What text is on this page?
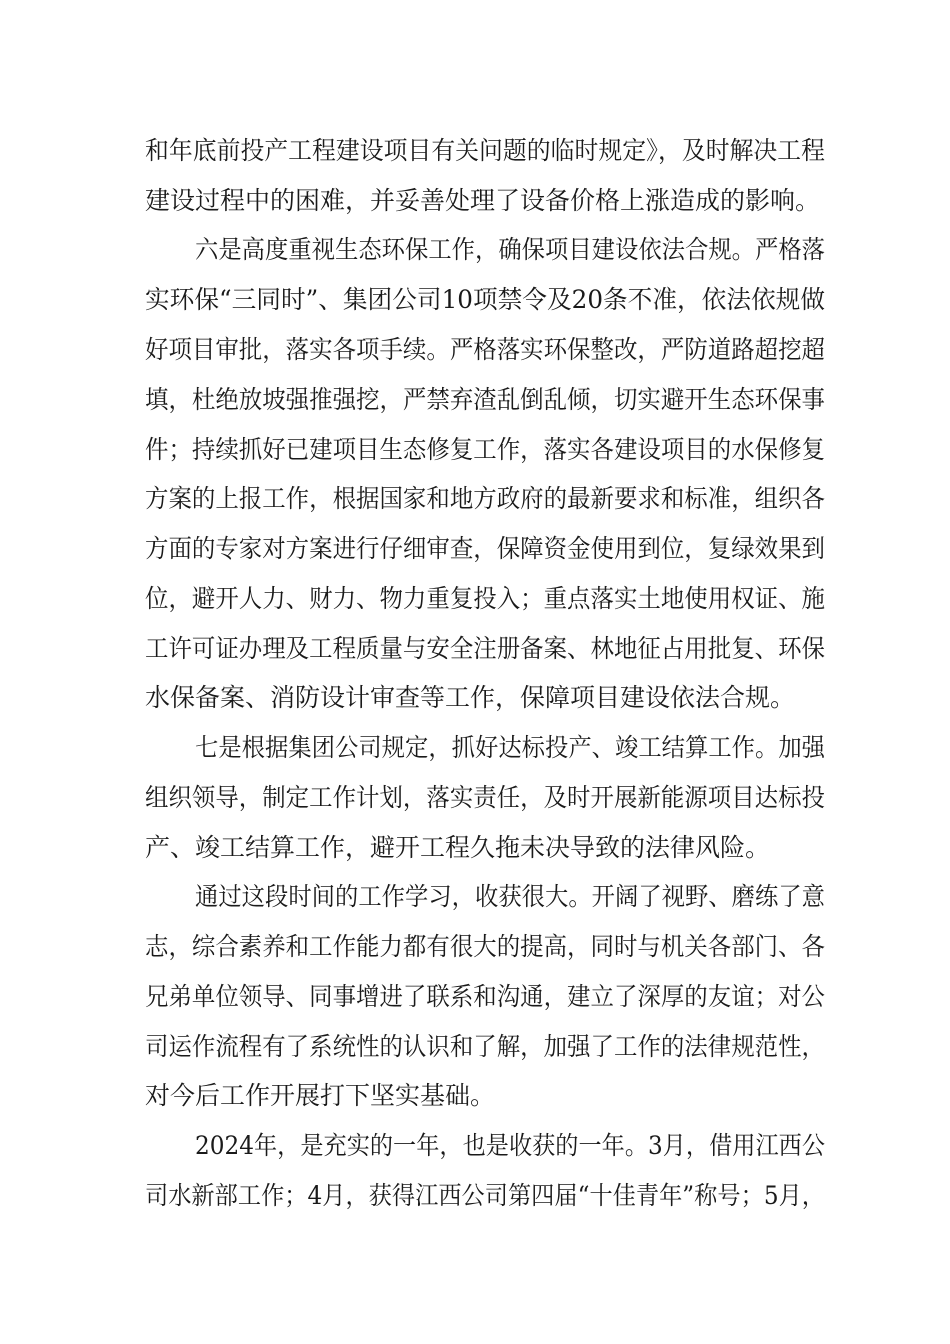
和年底前投产工程建设项目有关问题的临时规定》，及时解决工程
建设过程中的困难，并妥善处理了设备价格上涨造成的影响。
六是高度重视生态环保工作，确保项目建设依法合规。严格落
实环保“三同时”、集团公司10项禁令及20条不准，依法依规做
好项目审批，落实各项手续。严格落实环保整改，严防道路超挖超
填，杜绝放坡强推强挖，严禁弃渣乱倒乱倾，切实避开生态环保事
件；持续抓好已建项目生态修复工作，落实各建设项目的水保修复
方案的上报工作，根据国家和地方政府的最新要求和标准，组织各
方面的专家对方案进行仔细审查，保障资金使用到位，复绿效果到
位，避开人力、财力、物力重复投入；重点落实土地使用权证、施
工许可证办理及工程质量与安全注册备案、林地征占用批复、环保
水保备案、消防设计审查等工作，保障项目建设依法合规。
七是根据集团公司规定，抓好达标投产、竣工结算工作。加强
组织领导，制定工作计划，落实责任，及时开展新能源项目达标投
产、竣工结算工作，避开工程久拖未决导致的法律风险。
通过这段时间的工作学习，收获很大。开阔了视野、磨练了意
志，综合素养和工作能力都有很大的提高，同时与机关各部门、各
兄弟单位领导、同事增进了联系和沟通，建立了深厚的友谊；对公
司运作流程有了系统性的认识和了解，加强了工作的法律规范性，
对今后工作开展打下坚实基础。
2024年，是充实的一年，也是收获的一年。3月，借用江西公
司水新部工作；4月，获得江西公司第四届“十佳青年”称号；5月，
